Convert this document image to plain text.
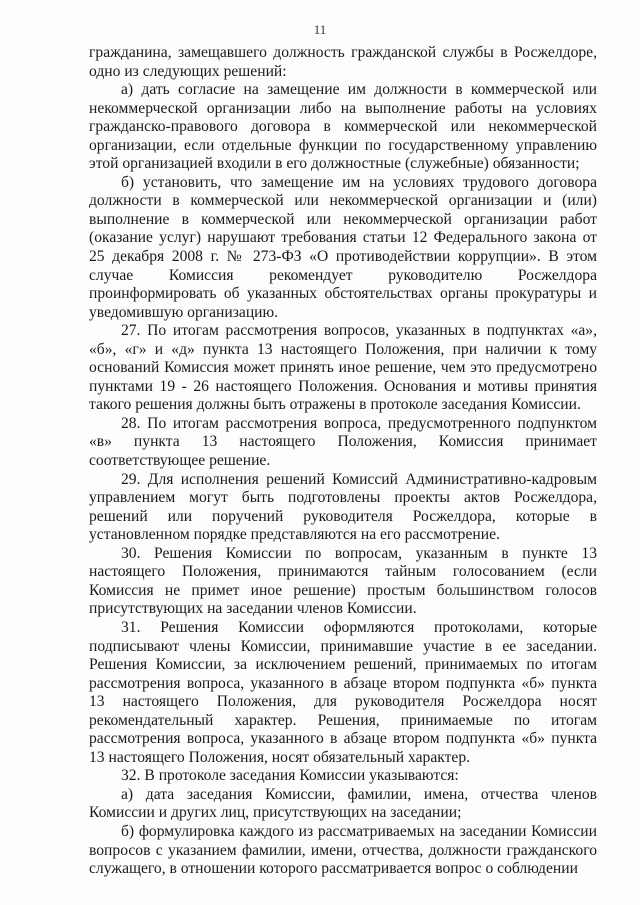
11

гражданина, замещавшего должность гражданской службы в Росжелдоре, одно из следующих решений:

а) дать согласие на замещение им должности в коммерческой или некоммерческой организации либо на выполнение работы на условиях гражданско-правового договора в коммерческой или некоммерческой организации, если отдельные функции по государственному управлению этой организацией входили в его должностные (служебные) обязанности;

б) установить, что замещение им на условиях трудового договора должности в коммерческой или некоммерческой организации и (или) выполнение в коммерческой или некоммерческой организации работ (оказание услуг) нарушают требования статьи 12 Федерального закона от 25 декабря 2008 г. № 273-ФЗ «О противодействии коррупции». В этом случае Комиссия рекомендует руководителю Росжелдора проинформировать об указанных обстоятельствах органы прокуратуры и уведомившую организацию.

27. По итогам рассмотрения вопросов, указанных в подпунктах «а», «б», «г» и «д» пункта 13 настоящего Положения, при наличии к тому оснований Комиссия может принять иное решение, чем это предусмотрено пунктами 19 - 26 настоящего Положения. Основания и мотивы принятия такого решения должны быть отражены в протоколе заседания Комиссии.

28. По итогам рассмотрения вопроса, предусмотренного подпунктом «в» пункта 13 настоящего Положения, Комиссия принимает соответствующее решение.

29. Для исполнения решений Комиссий Административно-кадровым управлением могут быть подготовлены проекты актов Росжелдора, решений или поручений руководителя Росжелдора, которые в установленном порядке представляются на его рассмотрение.

30. Решения Комиссии по вопросам, указанным в пункте 13 настоящего Положения, принимаются тайным голосованием (если Комиссия не примет иное решение) простым большинством голосов присутствующих на заседании членов Комиссии.

31. Решения Комиссии оформляются протоколами, которые подписывают члены Комиссии, принимавшие участие в ее заседании. Решения Комиссии, за исключением решений, принимаемых по итогам рассмотрения вопроса, указанного в абзаце втором подпункта «б» пункта 13 настоящего Положения, для руководителя Росжелдора носят рекомендательный характер. Решения, принимаемые по итогам рассмотрения вопроса, указанного в абзаце втором подпункта «б» пункта 13 настоящего Положения, носят обязательный характер.

32. В протоколе заседания Комиссии указываются:

а) дата заседания Комиссии, фамилии, имена, отчества членов Комиссии и других лиц, присутствующих на заседании;

б) формулировка каждого из рассматриваемых на заседании Комиссии вопросов с указанием фамилии, имени, отчества, должности гражданского служащего, в отношении которого рассматривается вопрос о соблюдении
